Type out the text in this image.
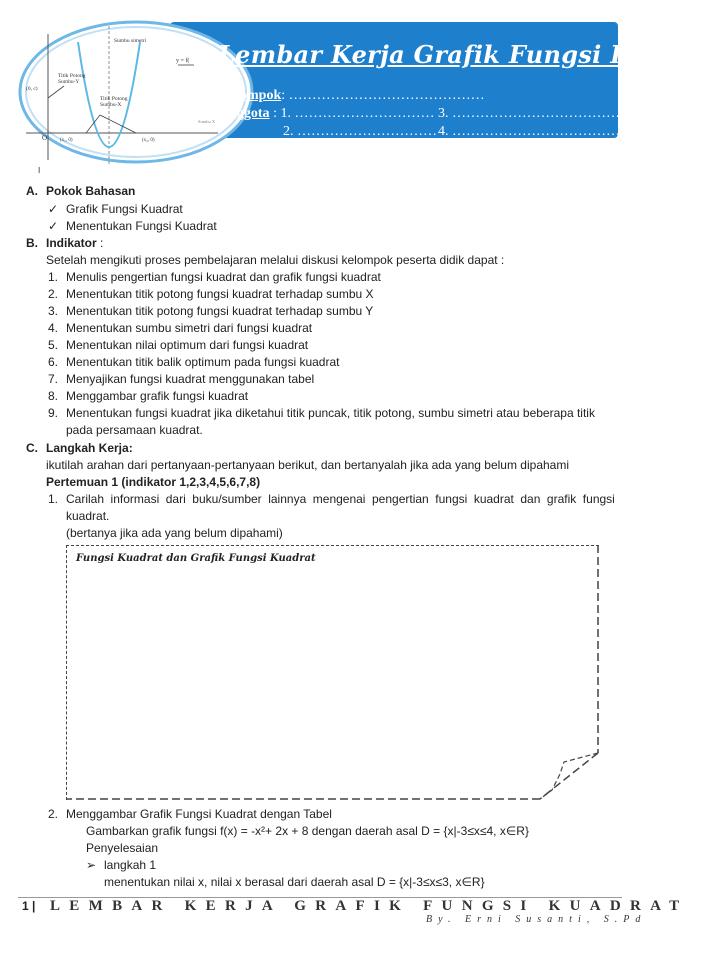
Sumbu simetri
y = f(
Titik Potong Sumbu-Y
Titik Potong Sumbu-X
(0, c)
O	(x₁, 0)	(x₂, 0)
Sumbu X
Lembar Kerja Grafik Fungsi Kuadrat
Kelompok: ……………………………………
Anggota : 1. ………………………… 3. ………………………………
2. ………………………… 4. ………………………………
I
A. Pokok Bahasan
✓ Grafik Fungsi Kuadrat
✓ Menentukan Fungsi Kuadrat
B. Indikator :
Setelah mengikuti proses pembelajaran melalui diskusi kelompok peserta didik dapat :
1. Menulis pengertian fungsi kuadrat dan grafik fungsi kuadrat
2. Menentukan titik potong fungsi kuadrat terhadap sumbu X
3. Menentukan titik potong fungsi kuadrat terhadap sumbu Y
4. Menentukan sumbu simetri dari fungsi kuadrat
5. Menentukan nilai optimum dari fungsi kuadrat
6. Menentukan titik balik optimum pada fungsi kuadrat
7. Menyajikan fungsi kuadrat menggunakan tabel
8. Menggambar grafik fungsi kuadrat
9. Menentukan fungsi kuadrat jika diketahui titik puncak, titik potong, sumbu simetri atau beberapa titik
pada persamaan kuadrat.
C. Langkah Kerja:
ikutilah arahan dari pertanyaan-pertanyaan berikut, dan bertanyalah jika ada yang belum dipahami
Pertemuan 1 (indikator 1,2,3,4,5,6,7,8)
1. Carilah informasi dari buku/sumber lainnya mengenai pengertian fungsi kuadrat dan grafik fungsi
kuadrat.
(bertanya jika ada yang belum dipahami)
Fungsi Kuadrat dan Grafik Fungsi Kuadrat
2. Menggambar Grafik Fungsi Kuadrat dengan Tabel
Gambarkan grafik fungsi f(x) = -x²+ 2x + 8 dengan daerah asal D = {x|-3≤x≤4, x∈R}
Penyelesaian
➢ langkah 1
menentukan nilai x, nilai x berasal dari daerah asal D = {x|-3≤x≤3, x∈R}
1 | LEMBAR KERJA GRAFIK FUNGSI KUADRAT
By. Erni Susanti, S.Pd
